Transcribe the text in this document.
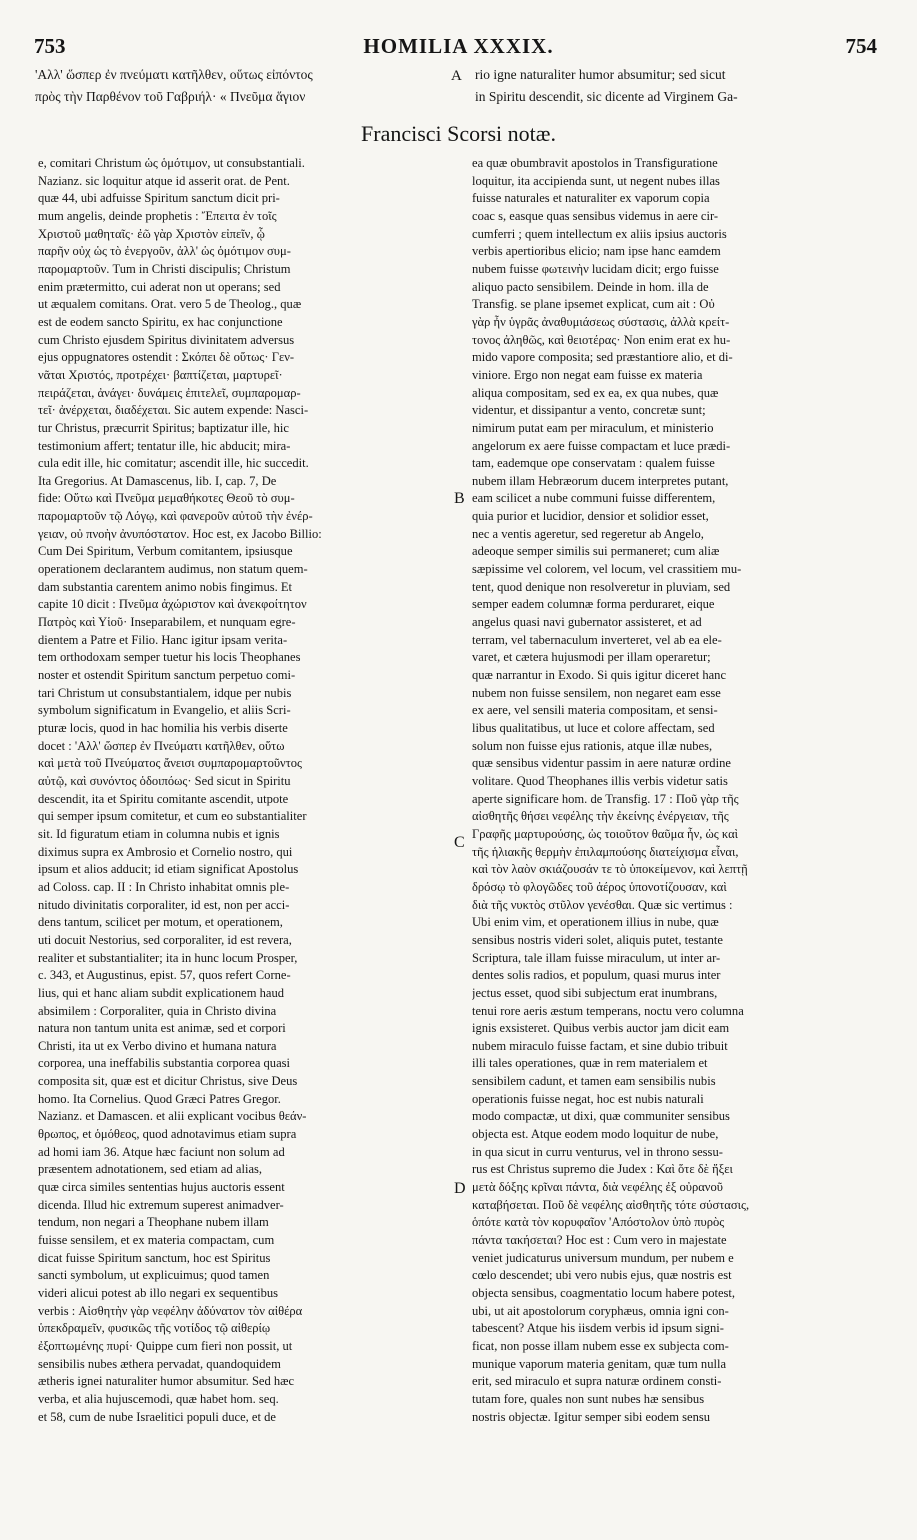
753	HOMILIA XXXIX.	754
'Αλλ' ὥσπερ ἐν πνεύματι κατῆλθεν, οὕτως εἰπόντος
πρὸς τὴν Παρθένον τοῦ Γαβριήλ· « Πνεῦμα ἅγιον
A rio igne naturaliter humor absumitur; sed sicut
in Spiritu descendit, sic dicente ad Virginem Ga-
Francisci Scorsi notæ.

e, comitari Christum ὡς ὁμότιμον, ut consubstantiali.

Nazianz. sic loquitur atque id asserit orat. de Pent.

quæ 44, ubi adfuisse Spiritum sanctum dicit pri-

mum angelis, deinde prophetis : Ἔπειτα ἐν τοῖς

Χριστοῦ μαθηταῖς· ἐῶ γὰρ Χριστὸν εἰπεῖν, ᾧ

παρῆν οὐχ ὡς τὸ ἐνεργοῦν, ἀλλ' ὡς ὁμότιμον συμ-

παρομαρτοῦν. Tum in Christi discipulis; Christum

enim prætermitto, cui aderat non ut operans; sed

ut æqualem comitans. Orat. vero 5 de Theolog., quæ

est de eodem sancto Spiritu, ex hac conjunctione

cum Christo ejusdem Spiritus divinitatem adversus

ejus oppugnatores ostendit : Σκόπει δὲ οὕτως· Γεν-

νᾶται Χριστός, προτρέχει· βαπτίζεται, μαρτυρεῖ·

πειράζεται, ἀνάγει· δυνάμεις ἐπιτελεῖ, συμπαρομαρ-

τεῖ· ἀνέρχεται, διαδέχεται. Sic autem expende: Nasci-

tur Christus, præcurrit Spiritus; baptizatur ille, hic

testimonium affert; tentatur ille, hic abducit; mira-

cula edit ille, hic comitatur; ascendit ille, hic succedit.

Ita Gregorius. At Damascenus, lib. I, cap. 7, De

fide: Οὕτω καὶ Πνεῦμα μεμαθήκοτες Θεοῦ τὸ συμ-

παρομαρτοῦν τῷ Λόγῳ, καὶ φανεροῦν αὐτοῦ τὴν ἐνέρ-

γειαν, οὐ πνοὴν ἀνυπόστατον. Hoc est, ex Jacobo Billio:

Cum Dei Spiritum, Verbum comitantem, ipsiusque

operationem declarantem audimus, non statum quem-

dam substantia carentem animo nobis fingimus. Et

capite 10 dicit : Πνεῦμα ἀχώριστον καὶ ἀνεκφοίτητον

Πατρὸς καὶ Υἱοῦ· Inseparabilem, et nunquam egre-

dientem a Patre et Filio. Hanc igitur ipsam verita-

tem orthodoxam semper tuetur his locis Theophanes

noster et ostendit Spiritum sanctum perpetuo comi-

tari Christum ut consubstantialem, idque per nubis

symbolum significatum in Evangelio, et aliis Scri-

pturæ locis, quod in hac homilia his verbis diserte

docet : 'Αλλ' ὥσπερ ἐν Πνεύματι κατῆλθεν, οὕτω

καὶ μετὰ τοῦ Πνεύματος ἄνεισι συμπαρομαρτοῦντος

αὐτῷ, καὶ συνόντος ὁδοιπόως· Sed sicut in Spiritu

descendit, ita et Spiritu comitante ascendit, utpote

qui semper ipsum comitetur, et cum eo substantialiter

sit. Id figuratum etiam in columna nubis et ignis

diximus supra ex Ambrosio et Cornelio nostro, qui

ipsum et alios adducit; id etiam significat Apostolus

ad Coloss. cap. II : In Christo inhabitat omnis ple-

nitudo divinitatis corporaliter, id est, non per acci-

dens tantum, scilicet per motum, et operationem,

uti docuit Nestorius, sed corporaliter, id est revera,

realiter et substantialiter; ita in hunc locum Prosper,

c. 343, et Augustinus, epist. 57, quos refert Corne-

lius, qui et hanc aliam subdit explicationem haud

absimilem : Corporaliter, quia in Christo divina

natura non tantum unita est animæ, sed et corpori

Christi, ita ut ex Verbo divino et humana natura

corporea, una ineffabilis substantia corporea quasi

composita sit, quæ est et dicitur Christus, sive Deus

homo. Ita Cornelius. Quod Græci Patres Gregor.

Nazianz. et Damascen. et alii explicant vocibus θεάν-

θρωπος, et ὁμόθεος, quod adnotavimus etiam supra

ad homi iam 36. Atque hæc faciunt non solum ad

præsentem adnotationem, sed etiam ad alias,

quæ circa similes sententias hujus auctoris essent

dicenda. Illud hic extremum superest animadver-

tendum, non negari a Theophane nubem illam

fuisse sensilem, et ex materia compactam, cum

dicat fuisse Spiritum sanctum, hoc est Spiritus

sancti symbolum, ut explicuimus; quod tamen

videri alicui potest ab illo negari ex sequentibus

verbis : Αἰσθητὴν γὰρ νεφέλην ἀδύνατον τὸν αἰθέρα

ὑπεκδραμεῖν, φυσικῶς τῆς νοτίδος τῷ αἰθερίῳ

ἐξοπτωμένης πυρί· Quippe cum fieri non possit, ut

sensibilis nubes æthera pervadat, quandoquidem

ætheris ignei naturaliter humor absumitur. Sed hæc

verba, et alia hujuscemodi, quæ habet hom. seq.

et 58, cum de nube Israelitici populi duce, et de

B
C
D

ea quæ obumbravit apostolos in Transfiguratione

loquitur, ita accipienda sunt, ut negent nubes illas

fuisse naturales et naturaliter ex vaporum copia

coac s, easque quas sensibus videmus in aere cir-

cumferri ; quem intellectum ex aliis ipsius auctoris

verbis apertioribus elicio; nam ipse hanc eamdem

nubem fuisse φωτεινὴν lucidam dicit; ergo fuisse

aliquo pacto sensibilem. Deinde in hom. illa de

Transfig. se plane ipsemet explicat, cum ait : Οὐ

γὰρ ἦν ὑγρᾶς ἀναθυμιάσεως σύστασις, ἀλλὰ κρείτ-

τονος ἀληθῶς, καὶ θειοτέρας· Non enim erat ex hu-

mido vapore composita; sed præstantiore alio, et di-

viniore. Ergo non negat eam fuisse ex materia

aliqua compositam, sed ex ea, ex qua nubes, quæ

videntur, et dissipantur a vento, concretæ sunt;

nimirum putat eam per miraculum, et ministerio

angelorum ex aere fuisse compactam et luce prædi-

tam, eademque ope conservatam : qualem fuisse

nubem illam Hebræorum ducem interpretes putant,

eam scilicet a nube communi fuisse differentem,

quia purior et lucidior, densior et solidior esset,

nec a ventis ageretur, sed regeretur ab Angelo,

adeoque semper similis sui permaneret; cum aliæ

sæpissime vel colorem, vel locum, vel crassitiem mu-

tent, quod denique non resolveretur in pluviam, sed

semper eadem columnæ forma perduraret, eique

angelus quasi navi gubernator assisteret, et ad

terram, vel tabernaculum inverteret, vel ab ea ele-

varet, et cætera hujusmodi per illam operaretur;

quæ narrantur in Exodo. Si quis igitur diceret hanc

nubem non fuisse sensilem, non negaret eam esse

ex aere, vel sensili materia compositam, et sensi-

libus qualitatibus, ut luce et colore affectam, sed

solum non fuisse ejus rationis, atque illæ nubes,

quæ sensibus videntur passim in aere naturæ ordine

volitare. Quod Theophanes illis verbis videtur satis

aperte significare hom. de Transfig. 17 : Ποῦ γὰρ τῆς

αἰσθητῆς θήσει νεφέλης τὴν ἐκείνης ἐνέργειαν, τῆς

Γραφῆς μαρτυρούσης, ὡς τοιοῦτον θαῦμα ἦν, ὡς καὶ

τῆς ἡλιακῆς θερμὴν ἐπιλαμπούσης διατείχισμα εἶναι,

καὶ τὸν λαὸν σκιάζουσάν τε τὸ ὑποκείμενον, καὶ λεπτῇ

δρόσῳ τὸ φλογῶδες τοῦ ἀέρος ὑπονοτίζουσαν, καὶ

διὰ τῆς νυκτὸς στῦλον γενέσθαι. Quæ sic vertimus :

Ubi enim vim, et operationem illius in nube, quæ

sensibus nostris videri solet, aliquis putet, testante

Scriptura, tale illam fuisse miraculum, ut inter ar-

dentes solis radios, et populum, quasi murus inter

jectus esset, quod sibi subjectum erat inumbrans,

tenui rore aeris æstum temperans, noctu vero columna

ignis exsisteret. Quibus verbis auctor jam dicit eam

nubem miraculo fuisse factam, et sine dubio tribuit

illi tales operationes, quæ in rem materialem et

sensibilem cadunt, et tamen eam sensibilis nubis

operationis fuisse negat, hoc est nubis naturali

modo compactæ, ut dixi, quæ communiter sensibus

objecta est. Atque eodem modo loquitur de nube,

in qua sicut in curru venturus, vel in throno sessu-

rus est Christus supremo die Judex : Καὶ ὅτε δὲ ἥξει

μετὰ δόξης κρῖναι πάντα, διὰ νεφέλης ἐξ οὐρανοῦ

καταβήσεται. Ποῦ δὲ νεφέλης αἰσθητῆς τότε σύστασις,

ὁπότε κατὰ τὸν κορυφαῖον 'Απόστολον ὑπὸ πυρὸς

πάντα τακήσεται? Hoc est : Cum vero in majestate

veniet judicaturus universum mundum, per nubem e

cœlo descendet; ubi vero nubis ejus, quæ nostris est

objecta sensibus, coagmentatio locum habere potest,

ubi, ut ait apostolorum coryphæus, omnia igni con-

tabescent? Atque his iisdem verbis id ipsum signi-

ficat, non posse illam nubem esse ex subjecta com-

munique vaporum materia genitam, quæ tum nulla

erit, sed miraculo et supra naturæ ordinem consti-

tutam fore, quales non sunt nubes hæ sensibus

nostris objectæ. Igitur semper sibi eodem sensu
